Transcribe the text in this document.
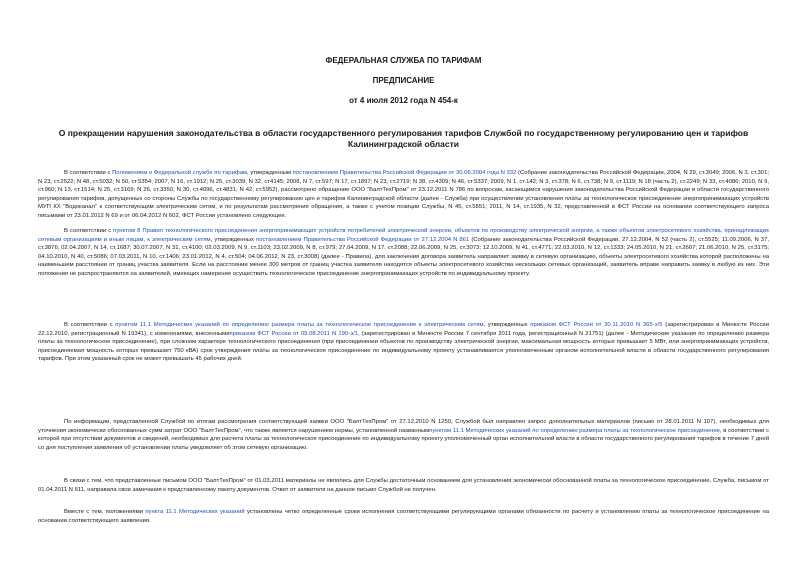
ФЕДЕРАЛЬНАЯ СЛУЖБА ПО ТАРИФАМ
ПРЕДПИСАНИЕ
от 4 июля 2012 года N 454-к
О прекращении нарушения законодательства в области государственного регулирования тарифов Службой по государственному регулированию цен и тарифов Калининградской области

В соответствии с Положением о Федеральной службе по тарифам, утвержденным постановлением Правительства Российской Федерации от 30.06.2004 года N 332 (Собрание законодательства Российской Федерации, 2004, N 29, ст.3049; 2006, N 3, ст.301; N 23, ст.2522; N 48, ст.5032; N 50, ст.5354; 2007, N 16, ст.1912; N 25, ст.3039; N 32, ст4145; 2008, N 7, ст.597; N 17, ст.1897; N 23, ст.2719; N 38, ст.4309; N 46, ст.5337; 2009, N 1, ст.142; N 3, ст.378; N 6, ст.738; N 9, ст.1119; N 18 (часть 2), ст.2249; N 33, ст.4086; 2010, N 9, ст.960; N 13, ст.1514; N 25, ст.3169; N 26, ст.3350; N 30, ст.4096, ст.4831, N 42, ст.5952), рассмотрено обращение ООО "БалтТехПром" от 23.12.2011 N 786 по вопросам, касающимся нарушения законодательства Российской Федерации в области государственного регулирования тарифов, допущенных со стороны Службы по государственному регулированию цен и тарифов Калининградской области (далее - Служба) при осуществлении установления платы за технологическое присоединение энергопринимающих устройств МУП КХ "Водоканал" к соответствующим электрическим сетям, и по результатам рассмотрения обращения, а также с учетом позиции Службы, N 45, ст.5851; 2011, N 14, ст.1935, N 32, представленной в ФСТ России на основании соответствующего запроса письмами от 23.01.2012 N 69 и от 06.04.2012 N 602, ФСТ России установлено следующее.

В соответствии с пунктом 8 Правил технологического присоединения энергопринимающих устройств потребителей электрической энергии, объектов по производству электрической энергии, а также объектов электросетевого хозяйства, принадлежащих сетевым организациям и иным лицам, к электрическим сетям, утвержденных постановлением Правительства Российской Федерации от 27.12.2004 N 861 (Собрание законодательства Российской Федерации, 27.12.2004, N 52 (часть 2), ст.5525; 11.09.2006, N 37, ст.3876; 02.04.2007, N 14, ст.1687; 30.07.2007, N 31, ст.4100; 02.03.2009, N 9, ст.1103; 23.02.2009, N 8, ст.979; 27.04.2009, N 17, ст.2088; 22.06.2009, N 25, ст.3073; 12.10.2009, N 41, ст.4771; 22.03.2010, N 12, ст.1333; 24.05.2010, N 21, ст.2607; 21.06.2010, N 25, ст.3175; 04.10.2010, N 40, ст.5086; 07.03.2011, N 10, ст.1406; 23.01.2012, N 4, ст.504; 04.06.2012, N 23, ст.3008) (далее - Правила), для заключения договора заявитель направляет заявку в сетевую организацию, объекты электросетевого хозяйства которой расположены на наименьшем расстоянии от границ участка заявителя. Если на расстоянии менее 300 метров от границ участка заявителя находятся объекты электросетевого хозяйства нескольких сетевых организаций, заявитель вправе направить заявку в любую из них. Эти положения не распространяются на заявителей, имеющих намерение осуществить технологическое присоединение энергопринимающих устройств по индивидуальному проекту.

В соответствии с пунктом 11.1 Методических указаний по определению размера платы за технологическое присоединение к электрическим сетям, утвержденных приказом ФСТ России от 30.11.2010 N 365-э/5 (зарегистрирован в Минюсте России 22.12.2010, регистрационный N 19341), с изменениями, внесеннымиприказом ФСТ России от 09.08.2011 N 190-э/1, (зарегистрирован в Минюсте России 7 сентября 2011 года, регистрационный N 21751) (далее - Методические указания по определению размера платы за технологическое присоединение), при сложном характере технологического присоединения (при присоединении объектов по производству электрической энергии, максимальная мощность которых превышает 5 МВт, или энергопринимающих устройств, присоединяемая мощность которых превышает 750 кВА) срок утверждения платы за технологическое присоединение по индивидуальному проекту устанавливается уполномоченным органом исполнительной власти в области государственного регулирования тарифов. При этом указанный срок не может превышать 45 рабочих дней.

По информации, представленной Службой по итогам рассмотрения соответствующей заявки ООО "БалтТехПром" от 27.12.2010 N 1250, Службой был направлен запрос дополнительных материалов (письмо от 28.01.2011 N 107), необходимых для уточнения экономически обоснованных сумм затрат ООО "БалтТехПром", что также является нарушением нормы, установленной названнымпунктом 11.1 Методических указаний по определению размера платы за технологическое присоединение, в соответствии с которой при отсутствии документов и сведений, необходимых для расчета платы за технологическое присоединение по индивидуальному проекту уполномоченный орган исполнительной власти в области государственного регулирования тарифов в течение 7 дней со дня поступления заявления об установлении платы уведомляет об этом сетевую организацию.

В связи с тем, что представленные письмом ООО "БалтТехПром" от 01.03.2011 материалы не являлись для Службы достаточным основанием для установления экономически обоснованной платы за технологическое присоединение, Служба, письмом от 01.04.2011 N 611, направила свои замечания к представленному пакету документов. Ответ от заявителя на данное письмо Службой не получен.

Вместе с тем, положениями пункта 11.1 Методических указаний установлены четко определенные сроки исполнения соответствующими регулирующими органами обязанности по расчету и установлению платы за технологическое присоединение на основании соответствующего заявления.
